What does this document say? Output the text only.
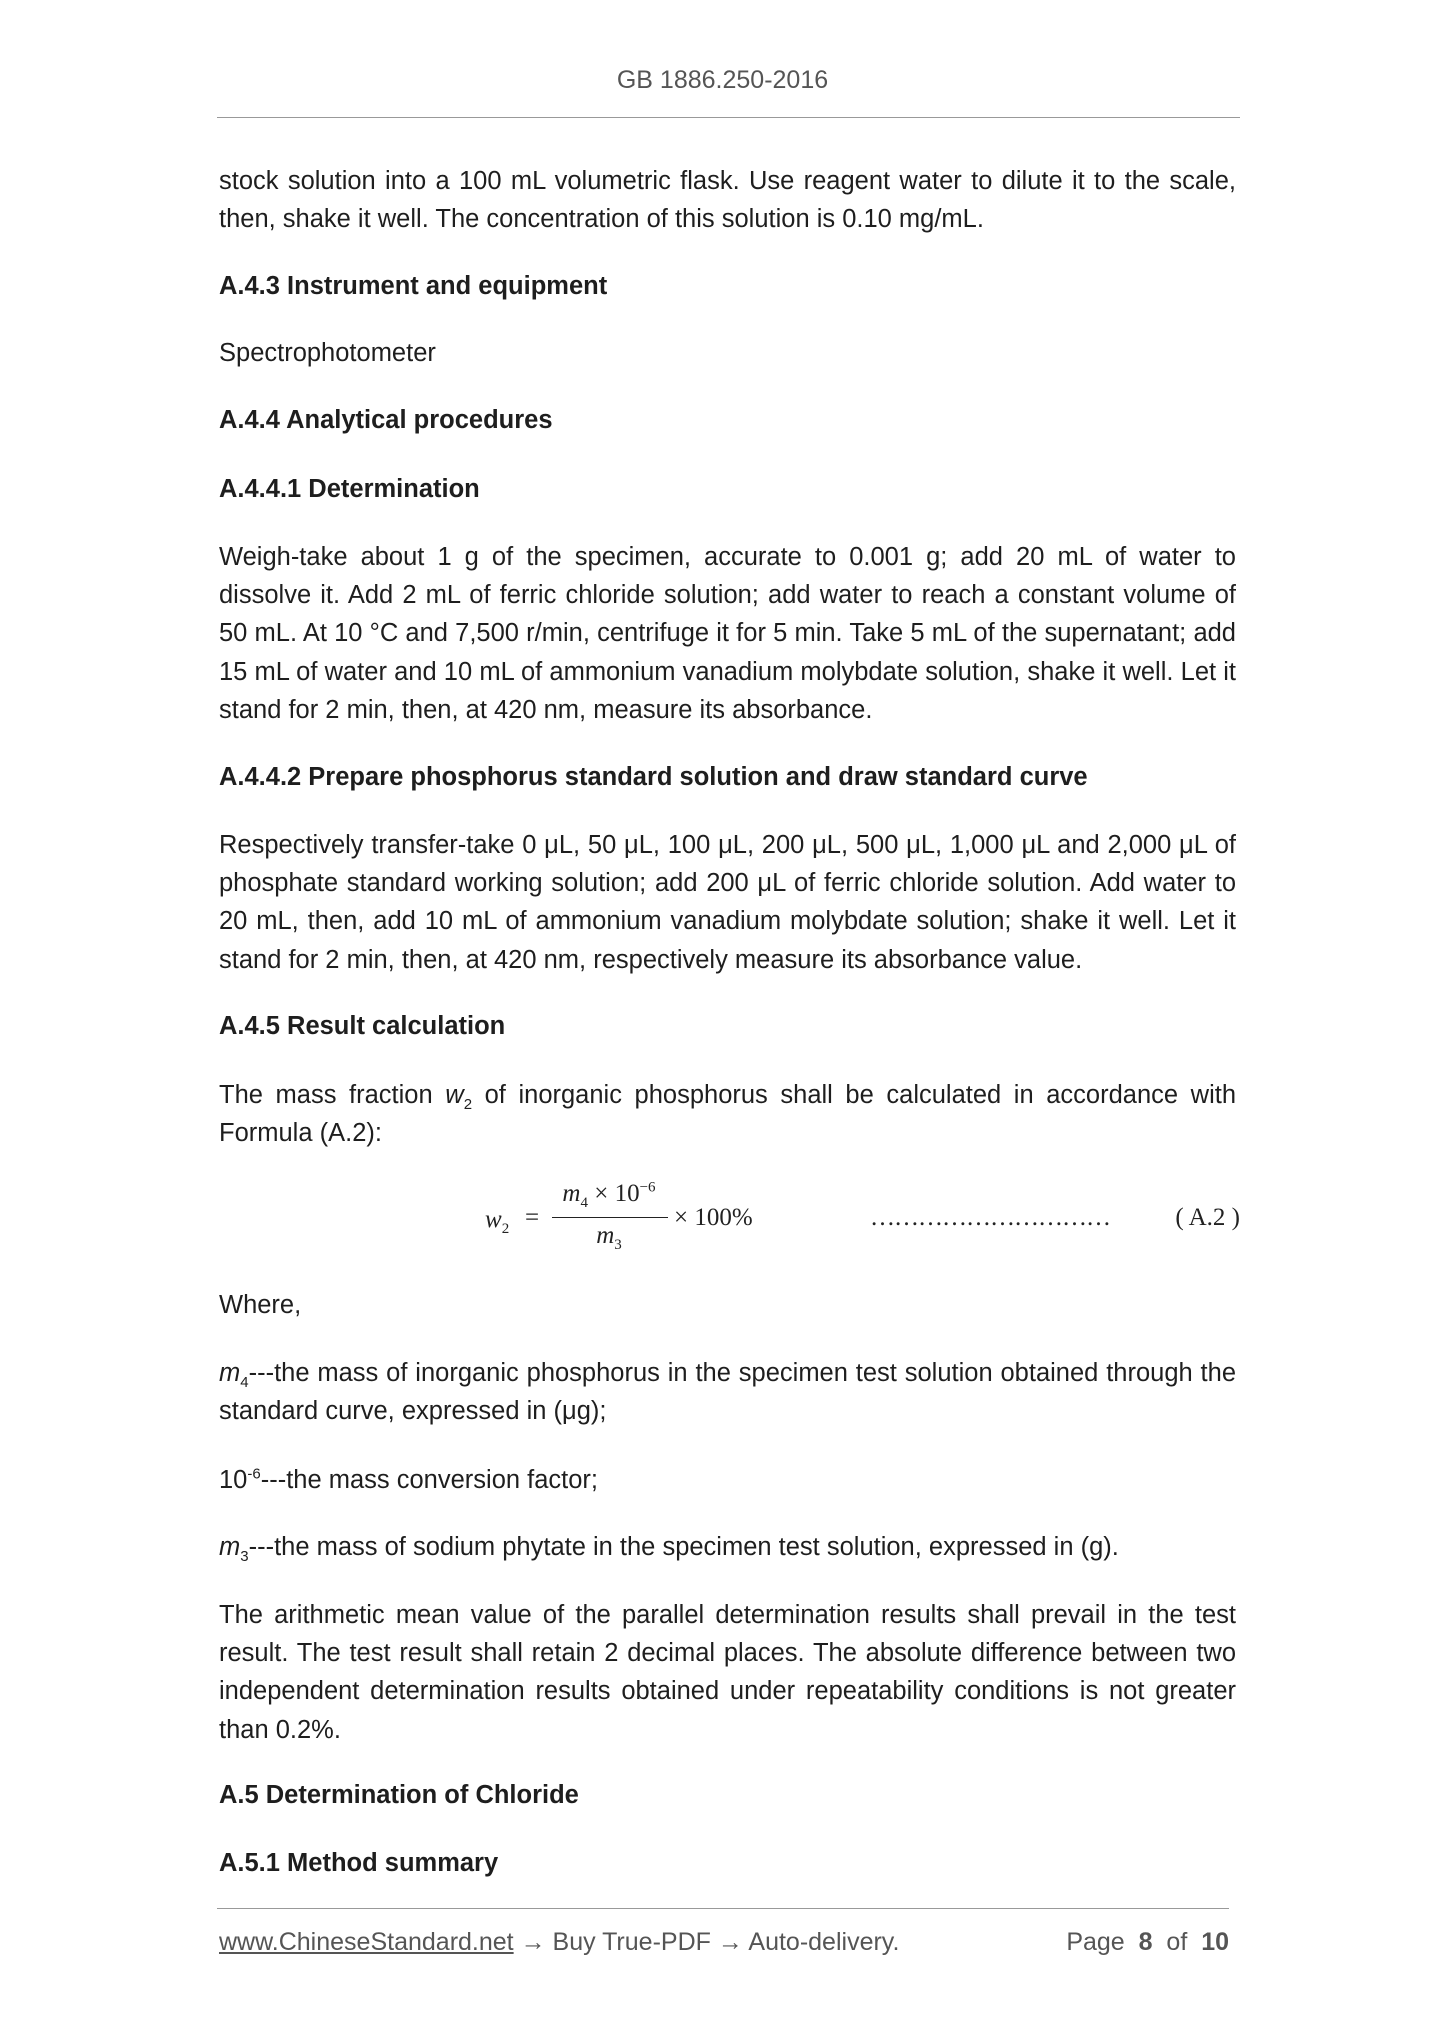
GB 1886.250-2016
stock solution into a 100 mL volumetric flask. Use reagent water to dilute it to the scale, then, shake it well. The concentration of this solution is 0.10 mg/mL.
A.4.3 Instrument and equipment
Spectrophotometer
A.4.4 Analytical procedures
A.4.4.1 Determination
Weigh-take about 1 g of the specimen, accurate to 0.001 g; add 20 mL of water to dissolve it. Add 2 mL of ferric chloride solution; add water to reach a constant volume of 50 mL. At 10 °C and 7,500 r/min, centrifuge it for 5 min. Take 5 mL of the supernatant; add 15 mL of water and 10 mL of ammonium vanadium molybdate solution, shake it well. Let it stand for 2 min, then, at 420 nm, measure its absorbance.
A.4.4.2 Prepare phosphorus standard solution and draw standard curve
Respectively transfer-take 0 μL, 50 μL, 100 μL, 200 μL, 500 μL, 1,000 μL and 2,000 μL of phosphate standard working solution; add 200 μL of ferric chloride solution. Add water to 20 mL, then, add 10 mL of ammonium vanadium molybdate solution; shake it well. Let it stand for 2 min, then, at 420 nm, respectively measure its absorbance value.
A.4.5 Result calculation
The mass fraction $w_2$ of inorganic phosphorus shall be calculated in accordance with Formula (A.2):
$w_2$ =
$m_4 \times 10^{-6}$
$m_3$
× 100%	…………………………	( A.2 )
Where,
$m_4--$-the mass of inorganic phosphorus in the specimen test solution obtained through the standard curve, expressed in (μg);
$10^{-6}--$-the mass conversion factor;
$m_3--$-the mass of sodium phytate in the specimen test solution, expressed in (g).
The arithmetic mean value of the parallel determination results shall prevail in the test result. The test result shall retain 2 decimal places. The absolute difference between two independent determination results obtained under repeatability conditions is not greater than 0.2%.
A.5 Determination of Chloride
A.5.1 Method summary
www.ChineseStandard.net → Buy True-PDF → Auto-delivery.	Page 8 of 10
